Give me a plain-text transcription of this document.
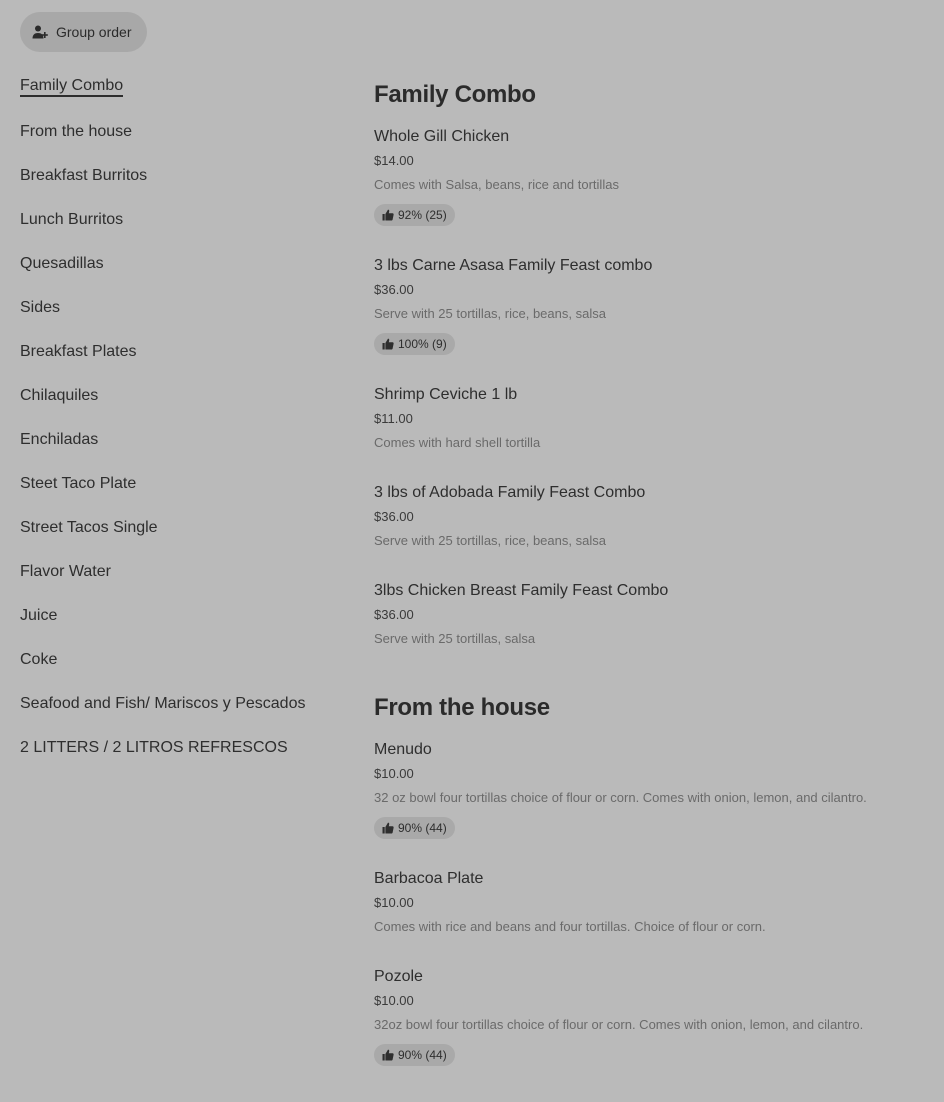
Group order
Family Combo
From the house
Breakfast Burritos
Lunch Burritos
Quesadillas
Sides
Breakfast Plates
Chilaquiles
Enchiladas
Steet Taco Plate
Street Tacos Single
Flavor Water
Juice
Coke
Seafood and Fish/ Mariscos y Pescados
2 LITTERS / 2 LITROS REFRESCOS
Family Combo
Whole Gill Chicken
$14.00
Comes with Salsa, beans, rice and tortillas
92% (25)
3 lbs Carne Asasa Family Feast combo
$36.00
Serve with 25 tortillas, rice, beans, salsa
100% (9)
Shrimp Ceviche 1 lb
$11.00
Comes with hard shell tortilla
3 lbs of Adobada Family Feast Combo
$36.00
Serve with 25 tortillas, rice, beans, salsa
3lbs Chicken Breast Family Feast Combo
$36.00
Serve with 25 tortillas, salsa
From the house
Menudo
$10.00
32 oz bowl four tortillas choice of flour or corn. Comes with onion, lemon, and cilantro.
90% (44)
Barbacoa Plate
$10.00
Comes with rice and beans and four tortillas. Choice of flour or corn.
Pozole
$10.00
32oz bowl four tortillas choice of flour or corn. Comes with onion, lemon, and cilantro.
90% (44)
